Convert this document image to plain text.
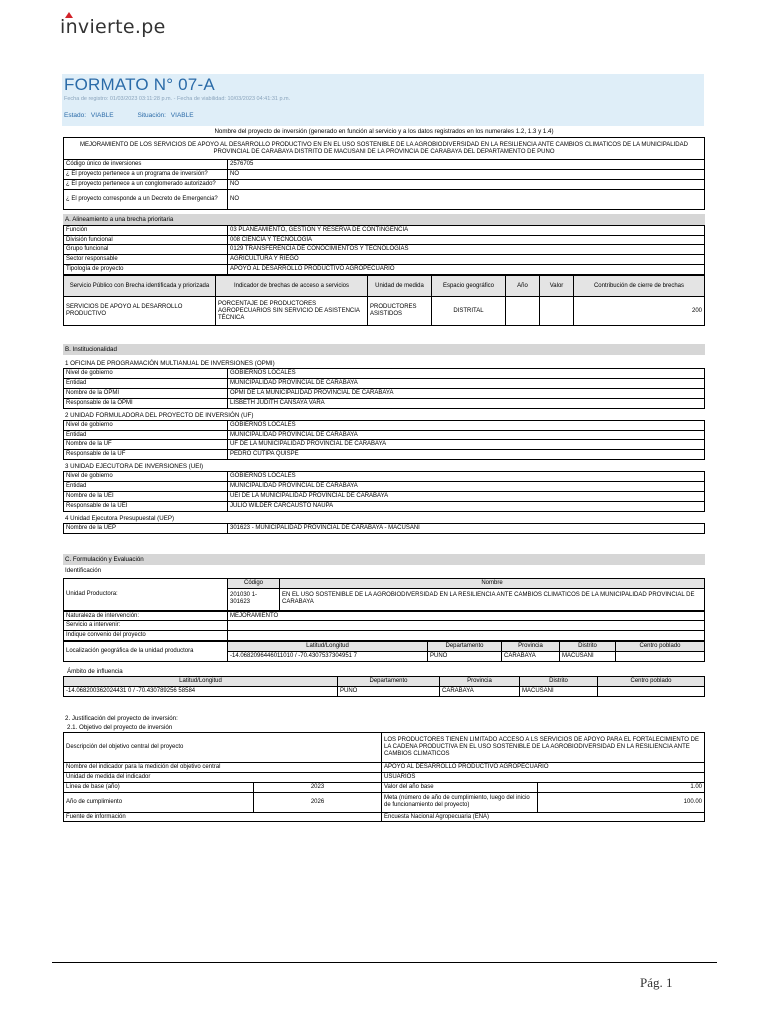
invierte.pe
FORMATO N° 07-A
Fecha de registro: 01/03/2023 03:11:28 p.m. - Fecha de viabilidad: 10/03/2023 04:41:31 p.m.
Estado: VIABLE	Situación: VIABLE
Nombre del proyecto de inversión (generado en función al servicio y a los datos registrados en los numerales 1.2, 1.3 y 1.4)
MEJORAMIENTO DE LOS SERVICIOS DE APOYO AL DESARROLLO PRODUCTIVO EN EN EL USO SOSTENIBLE DE LA AGROBIODIVERSIDAD EN LA RESILIENCIA ANTE CAMBIOS CLIMATICOS DE LA MUNICIPALIDAD PROVINCIAL DE CARABAYA DISTRITO DE MACUSANI DE LA PROVINCIA DE CARABAYA DEL DEPARTAMENTO DE PUNO	
Código único de inversiones	2576705
¿ El proyecto pertenece a un programa de inversión?	NO
¿ El proyecto pertenece a un conglomerado autorizado?	NO
¿ El proyecto corresponde a un Decreto de Emergencia?	NO
A. Alineamiento a una brecha prioritaria
Función	03 PLANEAMIENTO, GESTIÓN Y RESERVA DE CONTINGENCIA
División funcional	008 CIENCIA Y TECNOLOGÍA
Grupo funcional	0129 TRANSFERENCIA DE CONOCIMIENTOS Y TECNOLOGÍAS
Sector responsable	AGRICULTURA Y RIEGO
Tipología de proyecto	APOYO AL DESARROLLO PRODUCTIVO AGROPECUARIO
Servicio Público con Brecha identificada y priorizada	Indicador de brechas de acceso a servicios	Unidad de medida	Espacio geográfico	Año	Valor	Contribución de cierre de brechas
SERVICIOS DE APOYO AL DESARROLLO PRODUCTIVO	PORCENTAJE DE PRODUCTORES AGROPECUARIOS SIN SERVICIO DE ASISTENCIA TÉCNICA	PRODUCTORES ASISTIDOS	DISTRITAL			200
B. Institucionalidad
1 OFICINA DE PROGRAMACIÓN MULTIANUAL DE INVERSIONES (OPMI)
Nivel de gobierno	GOBIERNOS LOCALES
Entidad	MUNICIPALIDAD PROVINCIAL DE CARABAYA
Nombre de la OPMI	OPMI DE LA MUNICIPALIDAD PROVINCIAL DE CARABAYA
Responsable de la OPMI	LISBETH JUDITH CANSAYA VARA
2 UNIDAD FORMULADORA DEL PROYECTO DE INVERSIÓN (UF)
Nivel de gobierno	GOBIERNOS LOCALES
Entidad	MUNICIPALIDAD PROVINCIAL DE CARABAYA
Nombre de la UF	UF DE LA MUNICIPALIDAD PROVINCIAL DE CARABAYA
Responsable de la UF	PEDRO CUTIPA QUISPE
3 UNIDAD EJECUTORA DE INVERSIONES (UEI)
Nivel de gobierno	GOBIERNOS LOCALES
Entidad	MUNICIPALIDAD PROVINCIAL DE CARABAYA
Nombre de la UEI	UEI DE LA MUNICIPALIDAD PROVINCIAL DE CARABAYA
Responsable de la UEI	JULIO WILDER CARCAUSTO ÑAUPA
4 Unidad Ejecutora Presupuestal (UEP)
Nombre de la UEP	301623 - MUNICIPALIDAD PROVINCIAL DE CARABAYA - MACUSANI
C. Formulación y Evaluación
Identificación
Unidad Productora:	Código	Nombre
	201030 1-301623	EN EL USO SOSTENIBLE DE LA AGROBIODIVERSIDAD EN LA RESILIENCIA ANTE CAMBIOS CLIMATICOS DE LA MUNICIPALIDAD PROVINCIAL DE CARABAYA
Naturaleza de intervención:	MEJORAMIENTO
Servicio a intervenir:	
Indique convenio del proyecto	
Localización geográfica de la unidad productora	Latitud/Longitud	Departamento	Provincia	Distrito	Centro poblado
	-14.0682096446011010 / -70.4307537304951 7	PUNO	CARABAYA	MACUSANI	
Ámbito de influencia
Latitud/Longitud	Departamento	Provincia	Distrito	Centro poblado
-14.068200362024431 0 / -70.430789256 58584	PUNO	CARABAYA	MACUSANI	
2. Justificación del proyecto de inversión:
2.1. Objetivo del proyecto de inversión
Descripción del objetivo central del proyecto		LOS PRODUCTORES TIENEN LIMITADO ACCESO A LS SERVICIOS DE APOYO PARA EL FORTALECIMIENTO DE LA CADENA PRODUCTIVA EN EL USO SOSTENIBLE DE LA AGROBIODIVERSIDAD EN LA RESILIENCIA ANTE CAMBIOS CLIMATICOS	
Nombre del indicador para la medición del objetivo central		APOYO AL DESARROLLO PRODUCTIVO AGROPECUARIO	
Unidad de medida del indicador		USUARIOS	
Línea de base (año)	2023	Valor del año base	1.00
Año de cumplimiento	2026	Meta (número de año de cumplimiento, luego del inicio de funcionamiento del proyecto)	100.00
Fuente de información		Encuesta Nacional Agropecuaria (ENA)	
Pág. 1
